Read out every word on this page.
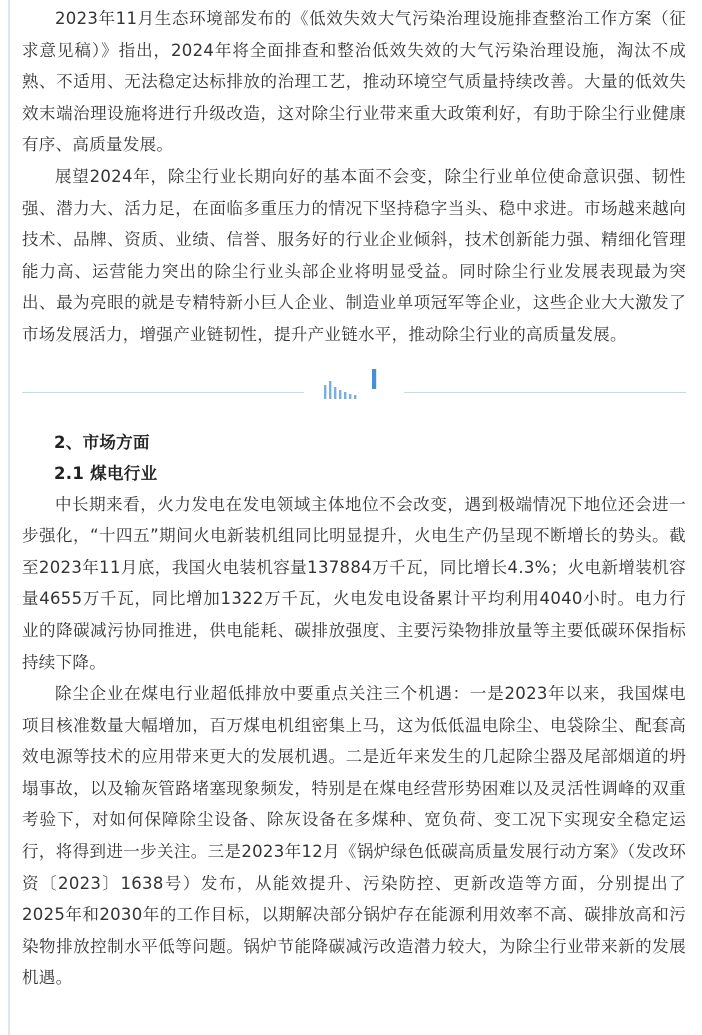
2023年11月生态环境部发布的《低效失效大气污染治理设施排查整治工作方案（征求意见稿）》指出，2024年将全面排查和整治低效失效的大气污染治理设施，淘汰不成熟、不适用、无法稳定达标排放的治理工艺，推动环境空气质量持续改善。大量的低效失效末端治理设施将进行升级改造，这对除尘行业带来重大政策利好，有助于除尘行业健康有序、高质量发展。

展望2024年，除尘行业长期向好的基本面不会变，除尘行业单位使命意识强、韧性强、潜力大、活力足，在面临多重压力的情况下坚持稳字当头、稳中求进。市场越来越向技术、品牌、资质、业绩、信誉、服务好的行业企业倾斜，技术创新能力强、精细化管理能力高、运营能力突出的除尘行业头部企业将明显受益。同时除尘行业发展表现最为突出、最为亮眼的就是专精特新小巨人企业、制造业单项冠军等企业，这些企业大大激发了市场发展活力，增强产业链韧性，提升产业链水平，推动除尘行业的高质量发展。

2、市场方面

2.1 煤电行业

中长期来看，火力发电在发电领域主体地位不会改变，遇到极端情况下地位还会进一步强化，“十四五”期间火电新装机组同比明显提升，火电生产仍呈现不断增长的势头。截至2023年11月底，我国火电装机容量137884万千瓦，同比增长4.3%；火电新增装机容量4655万千瓦，同比增加1322万千瓦，火电发电设备累计平均利用4040小时。电力行业的降碳减污协同推进，供电能耗、碳排放强度、主要污染物排放量等主要低碳环保指标持续下降。

除尘企业在煤电行业超低排放中要重点关注三个机遇：一是2023年以来，我国煤电项目核准数量大幅增加，百万煤电机组密集上马，这为低低温电除尘、电袋除尘、配套高效电源等技术的应用带来更大的发展机遇。二是近年来发生的几起除尘器及尾部烟道的坍塌事故，以及输灰管路堵塞现象频发，特别是在煤电经营形势困难以及灵活性调峰的双重考验下，对如何保障除尘设备、除灰设备在多煤种、宽负荷、变工况下实现安全稳定运行，将得到进一步关注。三是2023年12月《锅炉绿色低碳高质量发展行动方案》（发改环资〔2023〕1638号）发布，从能效提升、污染防控、更新改造等方面，分别提出了2025年和2030年的工作目标，以期解决部分锅炉存在能源利用效率不高、碳排放高和污染物排放控制水平低等问题。锅炉节能降碳减污改造潜力较大，为除尘行业带来新的发展机遇。
